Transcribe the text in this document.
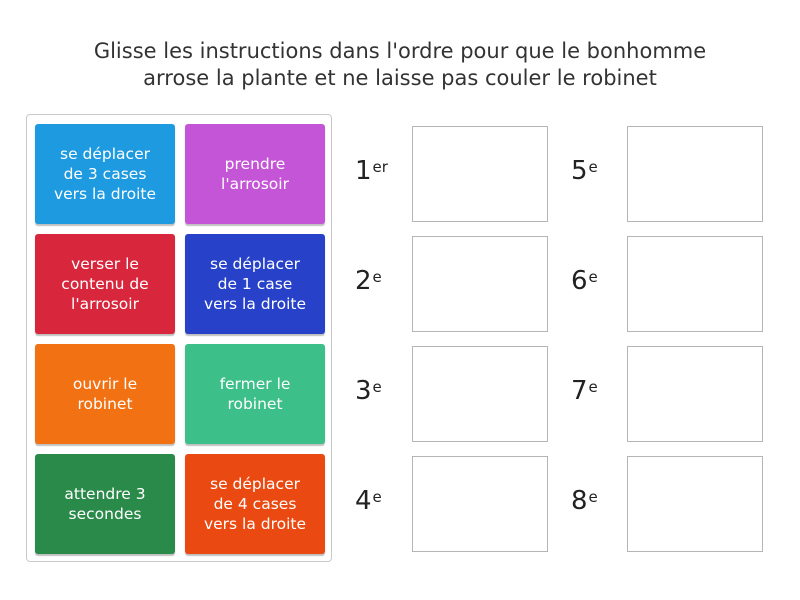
Glisse les instructions dans l'ordre pour que le bonhomme
arrose la plante et ne laisse pas couler le robinet
se déplacer
de 3 cases
vers la droite
prendre
l'arrosoir
verser le
contenu de
l'arrosoir
se déplacer
de 1 case
vers la droite
ouvrir le
robinet
fermer le
robinet
attendre 3
secondes
se déplacer
de 4 cases
vers la droite
1er
2e
3e
4e
5e
6e
7e
8e
